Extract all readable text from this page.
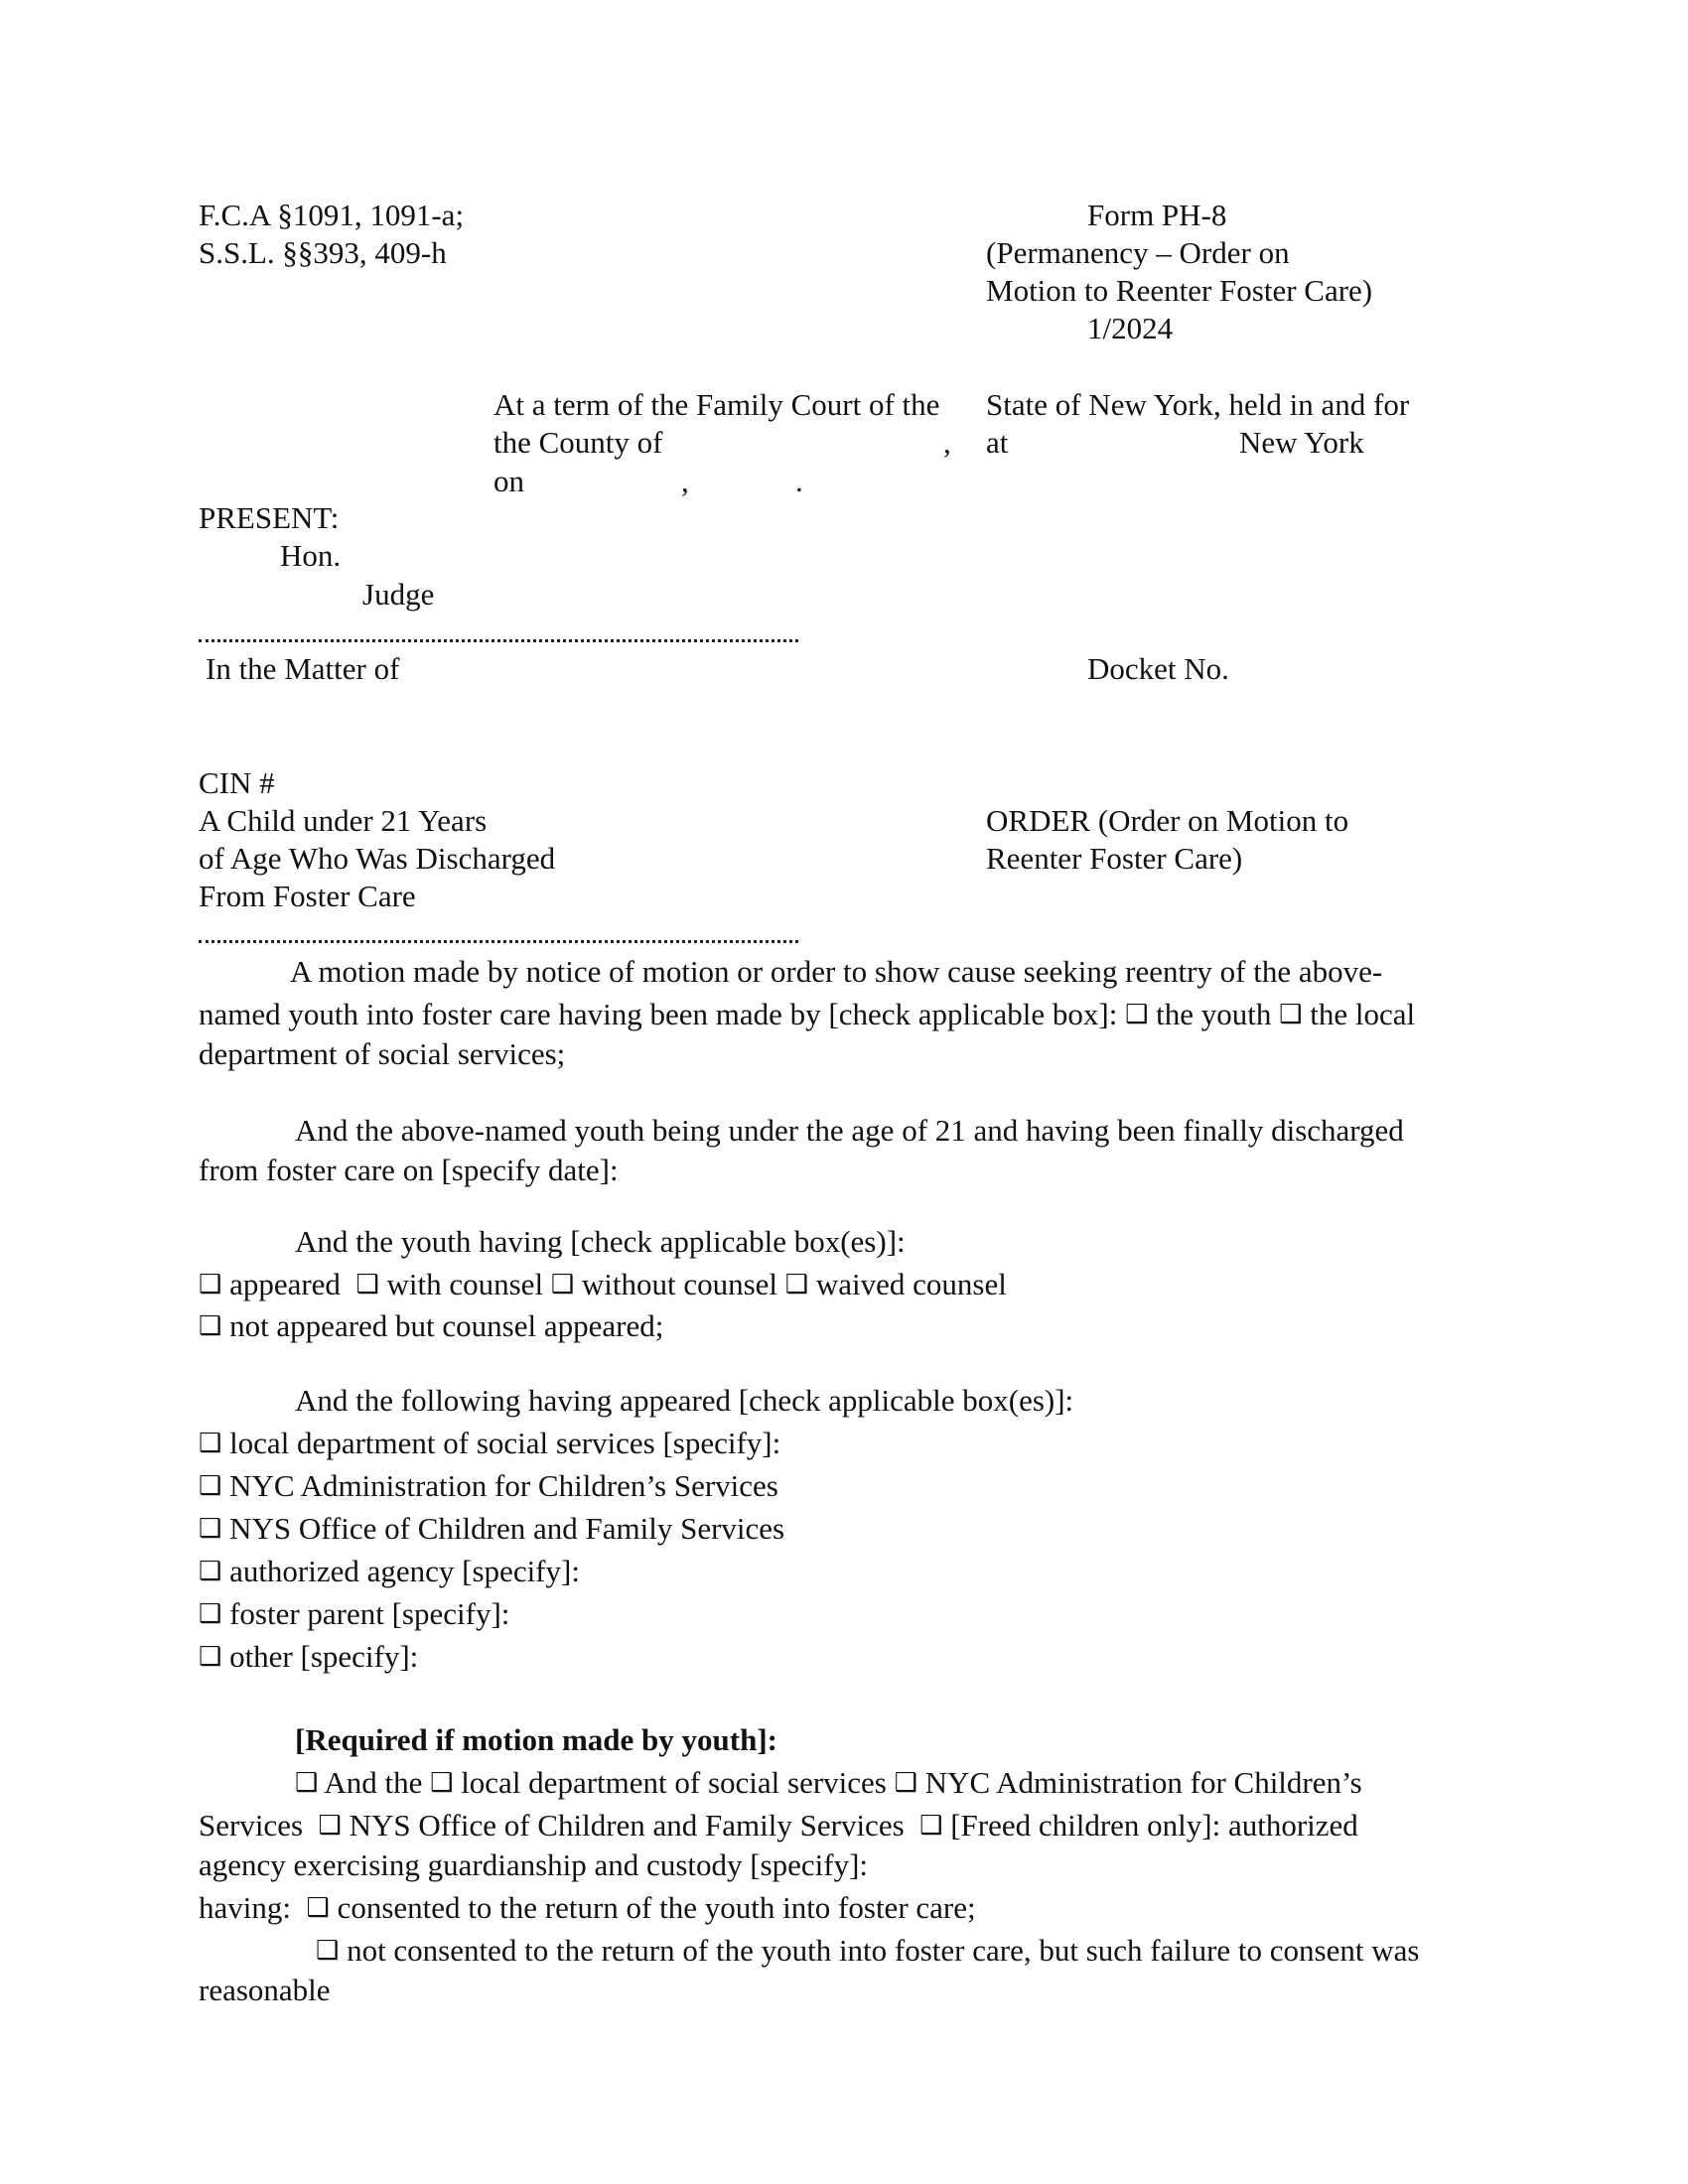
F.C.A §1091, 1091-a;
S.S.L. §§393, 409-h
Form PH-8
(Permanency – Order on
Motion to Reenter Foster Care)
1/2024
At a term of the Family Court of the State of New York, held in and for
the County of	, at	New York
on	,	.
PRESENT:
Hon.
Judge
In the Matter of	Docket No.
CIN #
A Child under 21 Years
of Age Who Was Discharged
From Foster Care
ORDER (Order on Motion to
Reenter Foster Care)
A motion made by notice of motion or order to show cause seeking reentry of the above-
named youth into foster care having been made by [check applicable box]: ❑ the youth ❑ the local
department of social services;
And the above-named youth being under the age of 21 and having been finally discharged
from foster care on [specify date]:
And the youth having [check applicable box(es)]:
❑ appeared ❑ with counsel ❑ without counsel ❑ waived counsel
❑ not appeared but counsel appeared;
And the following having appeared [check applicable box(es)]:
❑ local department of social services [specify]:
❑ NYC Administration for Children’s Services
❑ NYS Office of Children and Family Services
❑ authorized agency [specify]:
❑ foster parent [specify]:
❑ other [specify]:
[Required if motion made by youth]:
❑ And the ❑ local department of social services ❑ NYC Administration for Children’s
Services ❑ NYS Office of Children and Family Services ❑ [Freed children only]: authorized
agency exercising guardianship and custody [specify]:
having: ❑ consented to the return of the youth into foster care;
❑ not consented to the return of the youth into foster care, but such failure to consent was
reasonable
